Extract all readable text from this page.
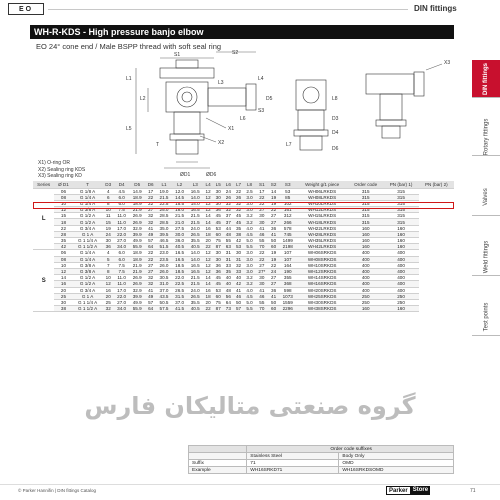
EO	DIN fittings
WH-R-KDS - High pressure banjo elbow
EO 24° cone end / Male BSPP thread with soft seal ring
DIN fittings
Rotary fittings
Valves
Weld fittings
Test points
S1	S2
L1
L2
L3
L4
L5
L6
L7
L8
X1
X2
X3
T
D3
D4
D5
D6
S3
ØD1	ØD6
X1) O-ring OR
X2) Sealing ring KDS
X3) Sealing ring KD
Series	Ø D1	T	D3	D4	D5	D6	L1	L2	L3	L4	L5	L6	L7	L8	S1	S2	S3	Weight g/1 piece	Order code	PN (bar) 1)	PN (bar) 2)
L	06	G 1/8 A	4	4.5	14.9	17	19.0	12.0	16.5	12	30	24	22	2.5	17	14	53	WH06LRKDS	315	315	
	08	G 1/4 A	6	6.0	18.9	22	21.5	14.5	14.0	12	30	26	26	3.0	22	19	85	WH08LRKDS	315	315	
	10	G 1/4 A	8	6.0	18.9	22	22.5	15.5	14.0	12	30	32	32	3.0	22	19	102	WH10LRKDS	315	315	
	12	G 3/8 A	10	7.5	21.9	27	25.0	18.0	16.5	12	36	32	32	3.0	27	22	161	WH12LRKDS	315	315	
	15	G 1/2 A	11	11.0	26.9	32	28.5	21.5	21.5	14	45	37	45	3.2	30	27	312	WH15LRKDS	315	315	
	18	G 1/2 A	15	11.0	26.9	32	28.5	21.0	21.5	14	45	37	45	3.2	30	27	266	WH18LRKDS	315	315	
	22	G 3/4 A	19	17.0	32.9	41	35.0	27.5	24.0	16	53	44	35	4.0	41	36	578	WH22LRKDS	160	160	
	28	G 1 A	24	22.0	39.9	49	39.5	30.0	26.5	18	60	48	38	4.5	46	41	745	WH28LRKDS	160	160	
	35	G 1 1/4 A	30	27.0	49.9	57	46.5	36.0	35.5	20	75	55	42	5.0	55	50	1499	WH35LRKDS	160	160	
	42	G 1 1/2 A	36	34.0	55.9	64	51.5	40.5	40.5	22	87	63	53	5.5	70	60	2198	WH42LRKDS	160	160	
S	06	G 1/4 A	4	6.0	18.9	22	23.0	16.5	14.0	12	30	31	30	3.0	22	19	107	WH06SRKDS	400	400	
	08	G 1/4 A	5	6.0	18.9	22	23.5	16.5	14.0	12	30	31	31	3.0	22	19	107	WH08SRKDS	400	400	
	10	G 3/8 A	7	7.5	21.9	27	26.0	18.5	16.5	12	36	33	32	3.0	27	22	164	WH10SRKDS	400	400	
	12	G 3/8 A	8	7.5	21.9	27	26.0	18.5	16.5	12	36	35	33	3.0	27*	24	190	WH12SRKDS	400	400	
	14	G 1/2 A	10	11.0	26.9	32	30.5	22.0	21.5	14	45	40	40	3.2	30	27	355	WH14SRKDS	400	400	
	16	G 1/2 A	12	11.0	26.9	32	31.0	22.5	21.5	14	45	40	42	3.2	30	27	368	WH16SRKDS	400	400	
	20	G 3/4 A	16	17.0	32.9	41	37.0	26.5	24.0	16	53	48	41	4.0	41	36	598	WH20SRKDS	400	400	
	25	G 1 A	20	22.0	39.9	49	43.5	31.5	26.5	18	60	56	46	4.5	46	41	1073	WH25SRKDS	250	250	
	30	G 1 1/4 A	25	27.0	49.9	57	50.5	37.0	35.5	20	75	64	50	5.0	55	50	1559	WH30SRKDS	250	250	
	38	G 1 1/2 A	32	34.0	55.9	64	57.5	41.5	40.5	22	87	73	57	5.5	70	60	2296	WH38SRKDS	160	160	
گروه صنعتی متالیکان فارس
	Order code suffixes	
	Stainless Steel	Body Only
Suffix	71	OMD
Example	WH16SRKD71	WH16SRKDSOMD
© Parker Hannifin | DIN fittings Catalog	Parker Store	71
